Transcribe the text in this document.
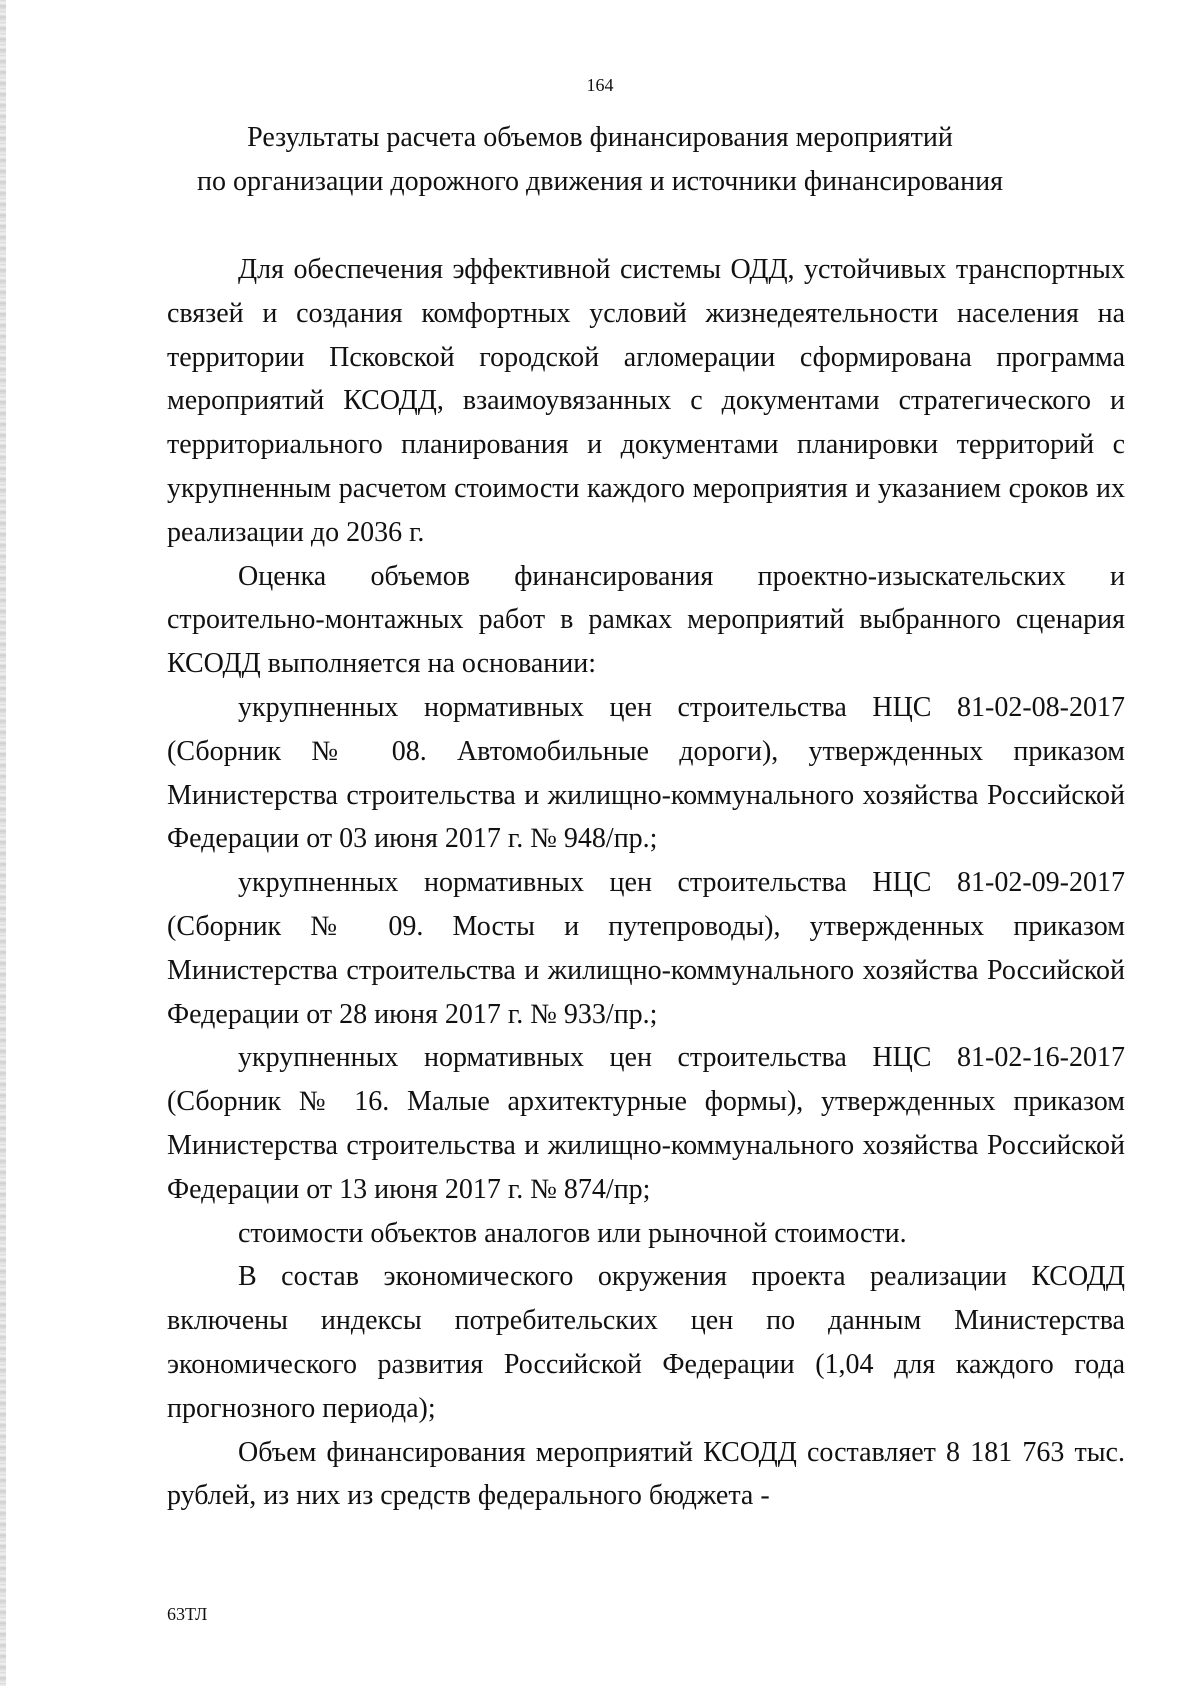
164
Результаты расчета объемов финансирования мероприятий
по организации дорожного движения и источники финансирования

Для обеспечения эффективной системы ОДД, устойчивых транспортных связей и создания комфортных условий жизнедеятельности населения на территории Псковской городской агломерации сформирована программа мероприятий КСОДД, взаимоувязанных с документами стратегического и территориального планирования и документами планировки территорий с укрупненным расчетом стоимости каждого мероприятия и указанием сроков их реализации до 2036 г.

Оценка объемов финансирования проектно-изыскательских и строительно-монтажных работ в рамках мероприятий выбранного сценария КСОДД выполняется на основании:

укрупненных нормативных цен строительства НЦС 81-02-08-2017 (Сборник № 08. Автомобильные дороги), утвержденных приказом Министерства строительства и жилищно-коммунального хозяйства Российской Федерации от 03 июня 2017 г. № 948/пр.;

укрупненных нормативных цен строительства НЦС 81-02-09-2017 (Сборник № 09. Мосты и путепроводы), утвержденных приказом Министерства строительства и жилищно-коммунального хозяйства Российской Федерации от 28 июня 2017 г. № 933/пр.;

укрупненных нормативных цен строительства НЦС 81-02-16-2017 (Сборник № 16. Малые архитектурные формы), утвержденных приказом Министерства строительства и жилищно-коммунального хозяйства Российской Федерации от 13 июня 2017 г. № 874/пр;

стоимости объектов аналогов или рыночной стоимости.

В состав экономического окружения проекта реализации КСОДД включены индексы потребительских цен по данным Министерства экономического развития Российской Федерации (1,04 для каждого года прогнозного периода);

Объем финансирования мероприятий КСОДД составляет 8 181 763 тыс. рублей, из них из средств федерального бюджета -

63ТЛ
